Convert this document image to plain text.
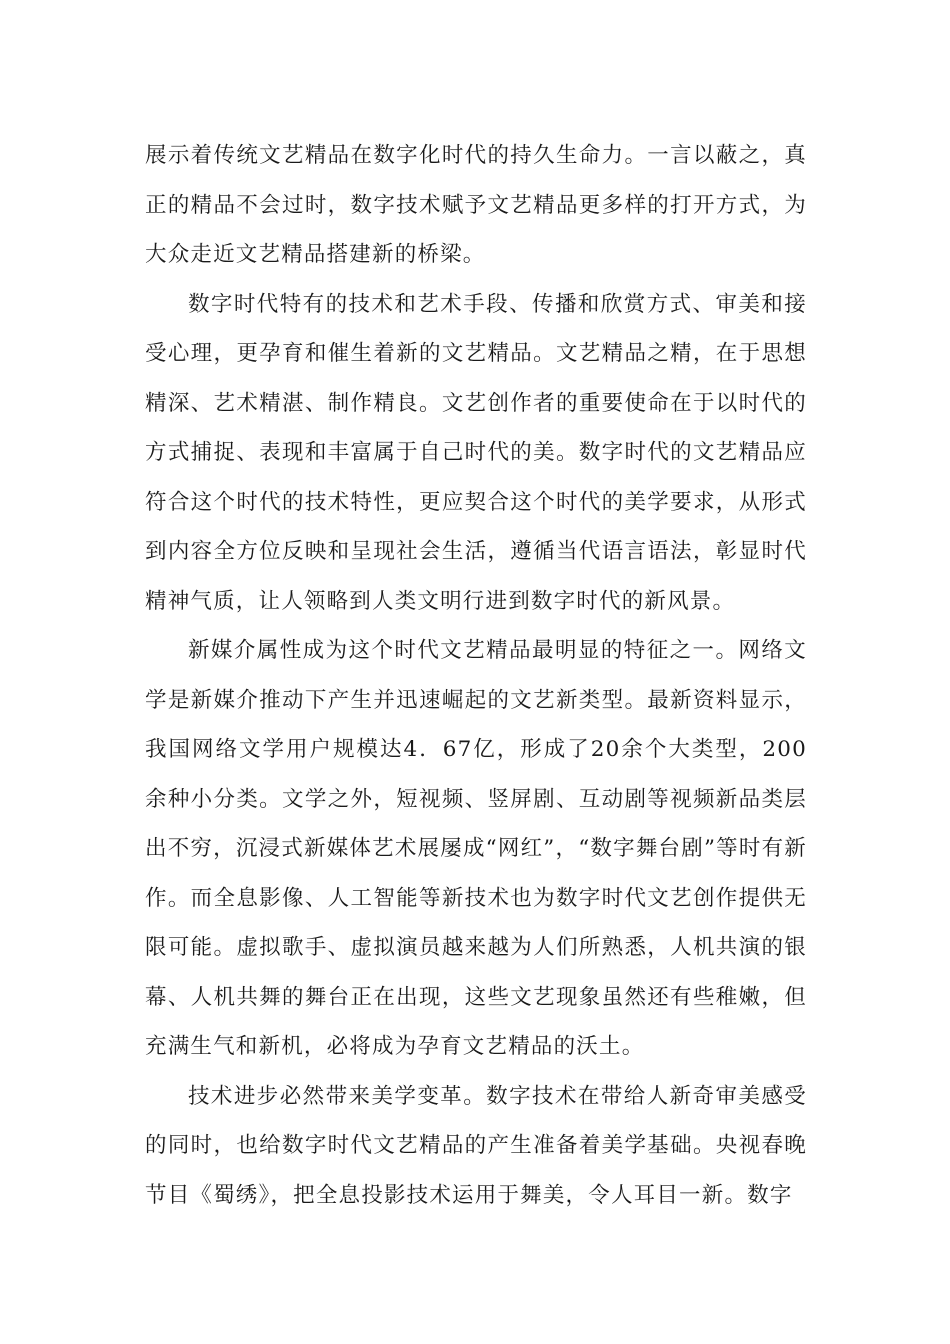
展示着传统文艺精品在数字化时代的持久生命力。一言以蔽之，真正的精品不会过时，数字技术赋予文艺精品更多样的打开方式，为大众走近文艺精品搭建新的桥梁。

数字时代特有的技术和艺术手段、传播和欣赏方式、审美和接受心理，更孕育和催生着新的文艺精品。文艺精品之精，在于思想精深、艺术精湛、制作精良。文艺创作者的重要使命在于以时代的方式捕捉、表现和丰富属于自己时代的美。数字时代的文艺精品应符合这个时代的技术特性，更应契合这个时代的美学要求，从形式到内容全方位反映和呈现社会生活，遵循当代语言语法，彰显时代精神气质，让人领略到人类文明行进到数字时代的新风景。

新媒介属性成为这个时代文艺精品最明显的特征之一。网络文学是新媒介推动下产生并迅速崛起的文艺新类型。最新资料显示，我国网络文学用户规模达4．67亿，形成了20余个大类型，200余种小分类。文学之外，短视频、竖屏剧、互动剧等视频新品类层出不穷，沉浸式新媒体艺术展屡成“网红”，“数字舞台剧”等时有新作。而全息影像、人工智能等新技术也为数字时代文艺创作提供无限可能。虚拟歌手、虚拟演员越来越为人们所熟悉，人机共演的银幕、人机共舞的舞台正在出现，这些文艺现象虽然还有些稚嫩，但充满生气和新机，必将成为孕育文艺精品的沃土。

技术进步必然带来美学变革。数字技术在带给人新奇审美感受的同时，也给数字时代文艺精品的产生准备着美学基础。央视春晚节目《蜀绣》，把全息投影技术运用于舞美，令人耳目一新。数字
